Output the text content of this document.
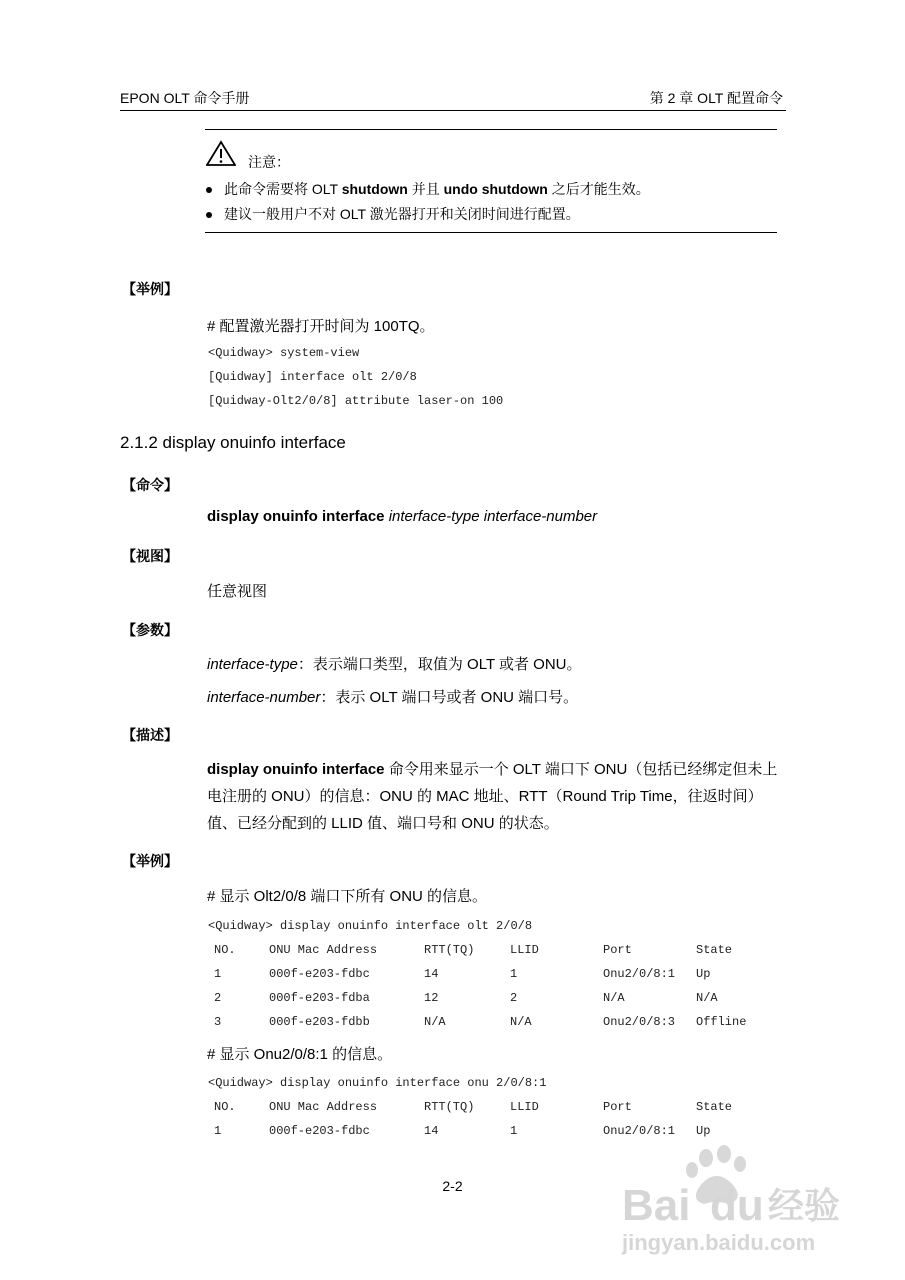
EPON OLT 命令手册	第 2 章 OLT 配置命令
注意：
此命令需要将 OLT shutdown 并且 undo shutdown 之后才能生效。
建议一般用户不对 OLT 激光器打开和关闭时间进行配置。
【举例】
# 配置激光器打开时间为 100TQ。
<Quidway> system-view
[Quidway] interface olt 2/0/8
[Quidway-Olt2/0/8] attribute laser-on 100
2.1.2 display onuinfo interface
【命令】
display onuinfo interface interface-type interface-number
【视图】
任意视图
【参数】
interface-type：表示端口类型，取值为 OLT 或者 ONU。
interface-number：表示 OLT 端口号或者 ONU 端口号。
【描述】
display onuinfo interface 命令用来显示一个 OLT 端口下 ONU（包括已经绑定但未上电注册的 ONU）的信息：ONU 的 MAC 地址、RTT（Round Trip Time，往返时间）值、已经分配到的 LLID 值、端口号和 ONU 的状态。
【举例】
# 显示 Olt2/0/8 端口下所有 ONU 的信息。
<Quidway> display onuinfo interface olt 2/0/8
NO.	ONU Mac Address	RTT(TQ)	LLID	Port	State
1	000f-e203-fdbc	14	1	Onu2/0/8:1	Up
2	000f-e203-fdba	12	2	N/A	N/A
3	000f-e203-fdbb	N/A	N/A	Onu2/0/8:3	Offline
# 显示 Onu2/0/8:1 的信息。
<Quidway> display onuinfo interface onu 2/0/8:1
NO.	ONU Mac Address	RTT(TQ)	LLID	Port	State
1	000f-e203-fdbc	14	1	Onu2/0/8:1	Up
2-2	Bai du 经验
jingyan.baidu.com
